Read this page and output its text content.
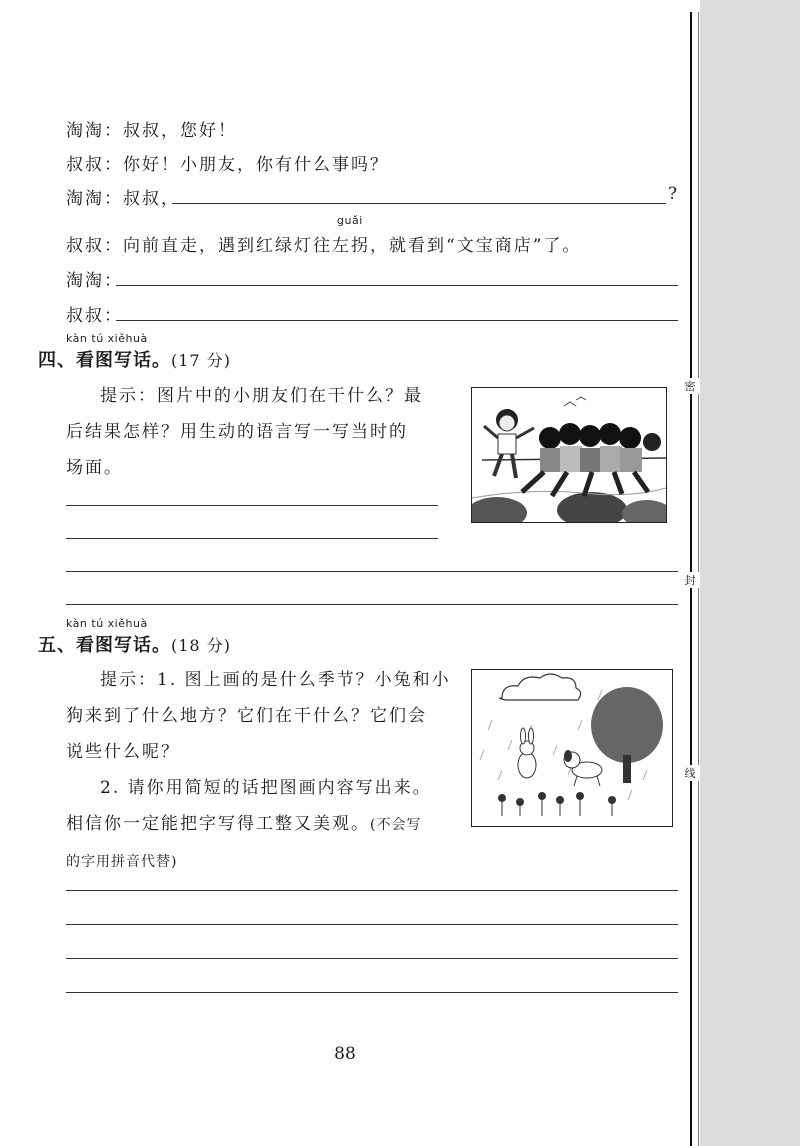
密
封
线
淘淘：叔叔，您好！
叔叔：你好！小朋友，你有什么事吗？
淘淘：叔叔，	?
guǎi
叔叔：向前直走，遇到红绿灯往左拐，就看到“文宝商店”了。
淘淘：
叔叔：
kàn tú xiěhuà
四、看图写话。(17 分)
提示：图片中的小朋友们在干什么？最
后结果怎样？用生动的语言写一写当时的
场面。
kàn tú xiěhuà
五、看图写话。(18 分)
提示：1. 图上画的是什么季节？小兔和小
狗来到了什么地方？它们在干什么？它们会
说些什么呢？
2. 请你用简短的话把图画内容写出来。
相信你一定能把字写得工整又美观。(不会写
的字用拼音代替)
88
